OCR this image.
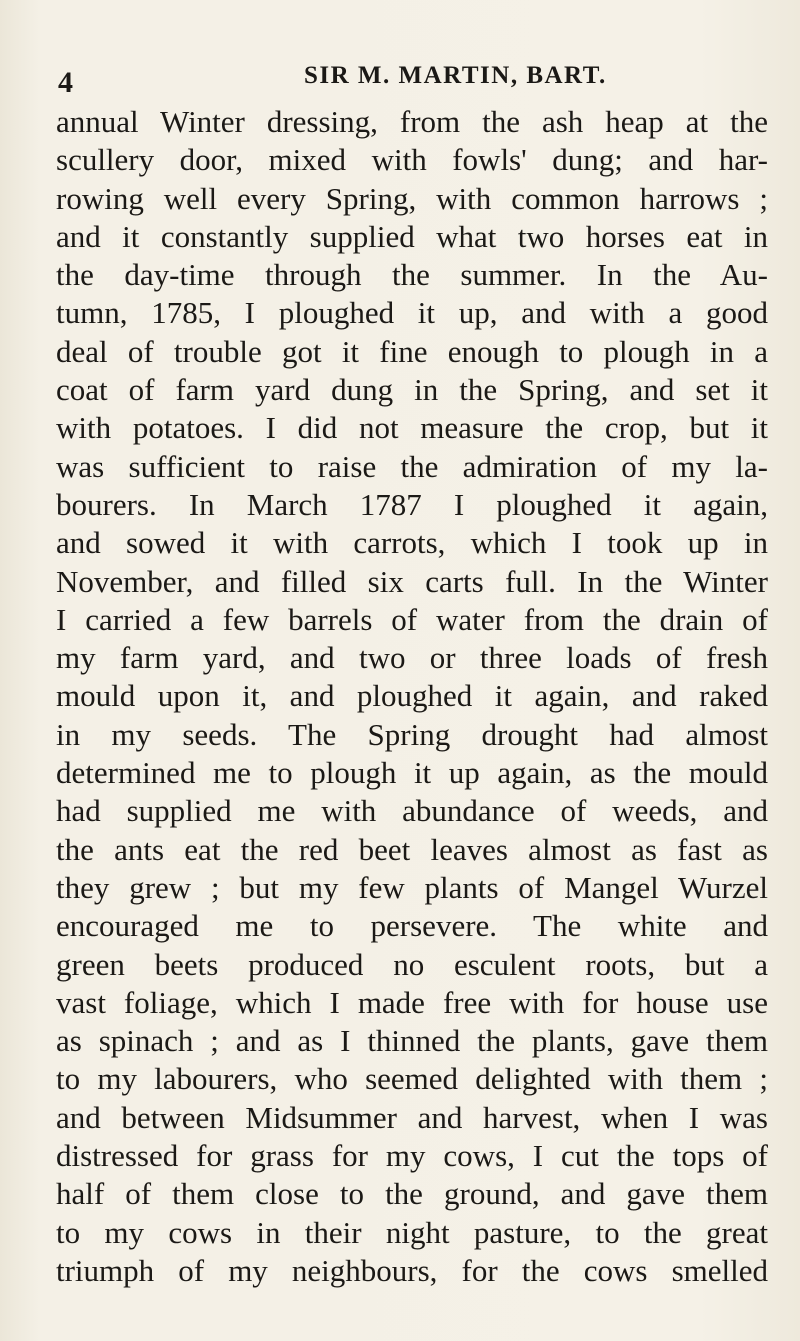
4	SIR M. MARTIN, BART.
annual Winter dressing, from the ash heap at the
scullery door, mixed with fowls' dung; and har-
rowing well every Spring, with common harrows ;
and it constantly supplied what two horses eat in
the day-time through the summer. In the Au-
tumn, 1785, I ploughed it up, and with a good
deal of trouble got it fine enough to plough in a
coat of farm yard dung in the Spring, and set it
with potatoes. I did not measure the crop, but it
was sufficient to raise the admiration of my la-
bourers. In March 1787 I ploughed it again,
and sowed it with carrots, which I took up in
November, and filled six carts full. In the Winter
I carried a few barrels of water from the drain of
my farm yard, and two or three loads of fresh
mould upon it, and ploughed it again, and raked
in my seeds. The Spring drought had almost
determined me to plough it up again, as the mould
had supplied me with abundance of weeds, and
the ants eat the red beet leaves almost as fast as
they grew ; but my few plants of Mangel Wurzel
encouraged me to persevere. The white and
green beets produced no esculent roots, but a
vast foliage, which I made free with for house use
as spinach ; and as I thinned the plants, gave them
to my labourers, who seemed delighted with them ;
and between Midsummer and harvest, when I was
distressed for grass for my cows, I cut the tops of
half of them close to the ground, and gave them
to my cows in their night pasture, to the great
triumph of my neighbours, for the cows smelled
